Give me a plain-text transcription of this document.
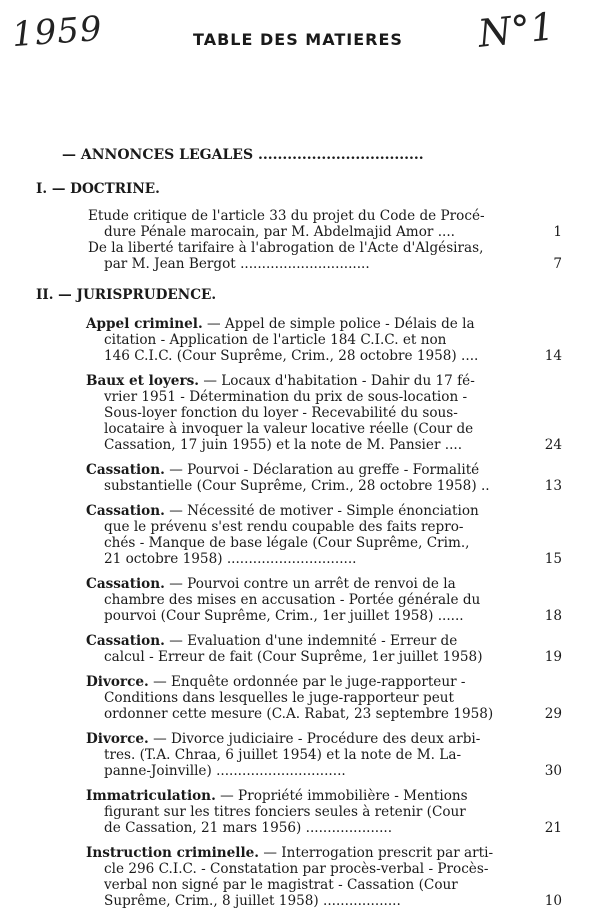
1959	N°1
TABLE DES MATIERES
— ANNONCES LEGALES ..................................
I. — DOCTRINE.
Etude critique de l'article 33 du projet du Code de Procé-
dure Pénale marocain, par M. Abdelmajid Amor ....	1
De la liberté tarifaire à l'abrogation de l'Acte d'Algésiras,
par M. Jean Bergot ..............................	7
II. — JURISPRUDENCE.
Appel criminel. — Appel de simple police - Délais de la
citation - Application de l'article 184 C.I.C. et non
146 C.I.C. (Cour Suprême, Crim., 28 octobre 1958) ....	14
Baux et loyers. — Locaux d'habitation - Dahir du 17 fé-
vrier 1951 - Détermination du prix de sous-location -
Sous-loyer fonction du loyer - Recevabilité du sous-
locataire à invoquer la valeur locative réelle (Cour de
Cassation, 17 juin 1955) et la note de M. Pansier ....	24
Cassation. — Pourvoi - Déclaration au greffe - Formalité
substantielle (Cour Suprême, Crim., 28 octobre 1958) ..	13
Cassation. — Nécessité de motiver - Simple énonciation
que le prévenu s'est rendu coupable des faits repro-
chés - Manque de base légale (Cour Suprême, Crim.,
21 octobre 1958) ..............................	15
Cassation. — Pourvoi contre un arrêt de renvoi de la
chambre des mises en accusation - Portée générale du
pourvoi (Cour Suprême, Crim., 1er juillet 1958) ......	18
Cassation. — Evaluation d'une indemnité - Erreur de
calcul - Erreur de fait (Cour Suprême, 1er juillet 1958)	19
Divorce. — Enquête ordonnée par le juge-rapporteur -
Conditions dans lesquelles le juge-rapporteur peut
ordonner cette mesure (C.A. Rabat, 23 septembre 1958)	29
Divorce. — Divorce judiciaire - Procédure des deux arbi-
tres. (T.A. Chraa, 6 juillet 1954) et la note de M. La-
panne-Joinville) ..............................	30
Immatriculation. — Propriété immobilière - Mentions
figurant sur les titres fonciers seules à retenir (Cour
de Cassation, 21 mars 1956) ....................	21
Instruction criminelle. — Interrogation prescrit par arti-
cle 296 C.I.C. - Constatation par procès-verbal - Procès-
verbal non signé par le magistrat - Cassation (Cour
Suprême, Crim., 8 juillet 1958) ..................	10
